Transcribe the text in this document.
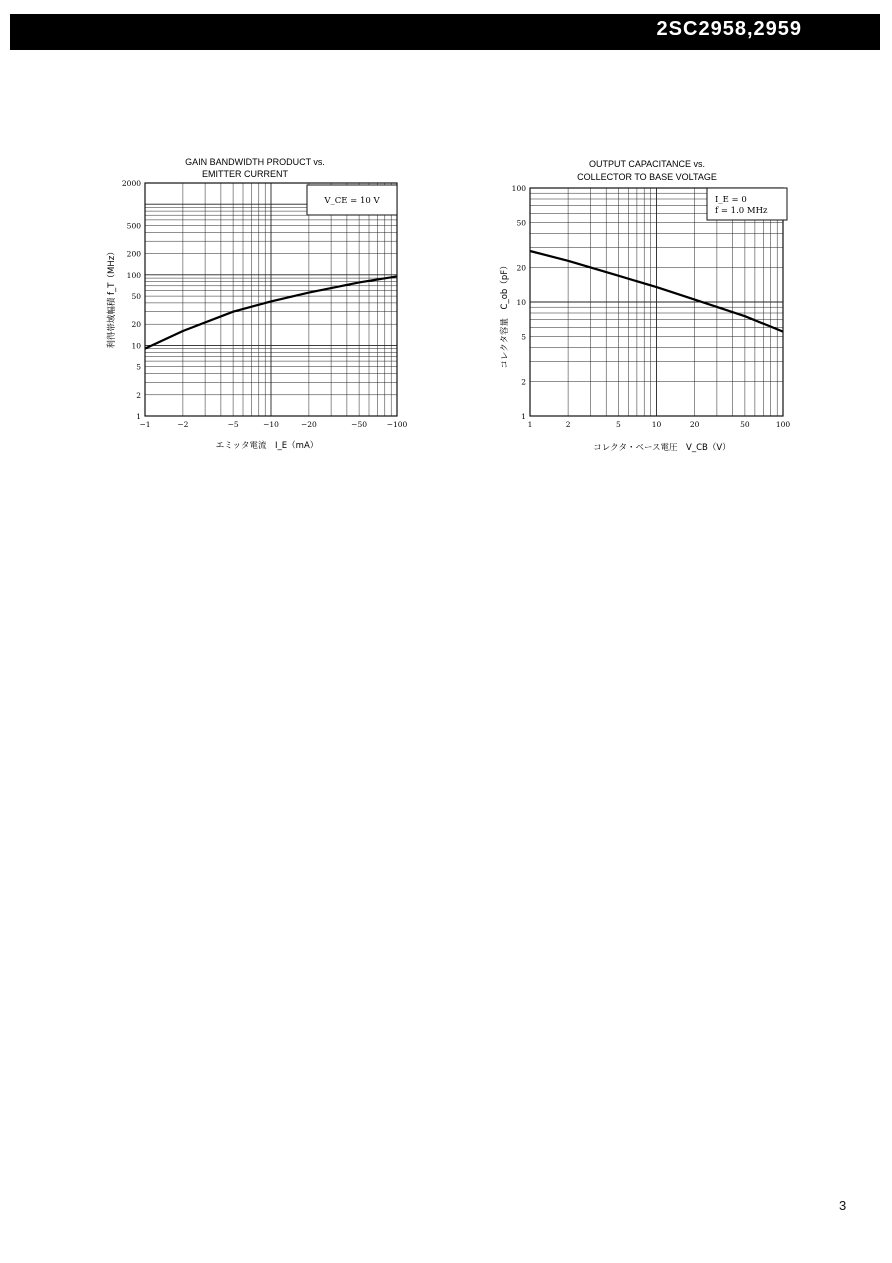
2SC2958,2959
GAIN BANDWIDTH PRODUCT vs.
EMITTER CURRENT
V_CE = 10 V
−1	−2	−5	−10	−20	−50	−100
1
2
5
10
20
50
100
200
500
2000
エミッタ電流　I_E（mA）
利得帯域幅積 f_T（MHz）
OUTPUT CAPACITANCE vs.
COLLECTOR TO BASE VOLTAGE
I_E = 0
f = 1.0 MHz
1	2	5	10	20	50	100
1
2
5
10
20
50
100
コレクタ・ベース電圧　V_CB（V）
コレクタ容量　C_ob（pF）
3
